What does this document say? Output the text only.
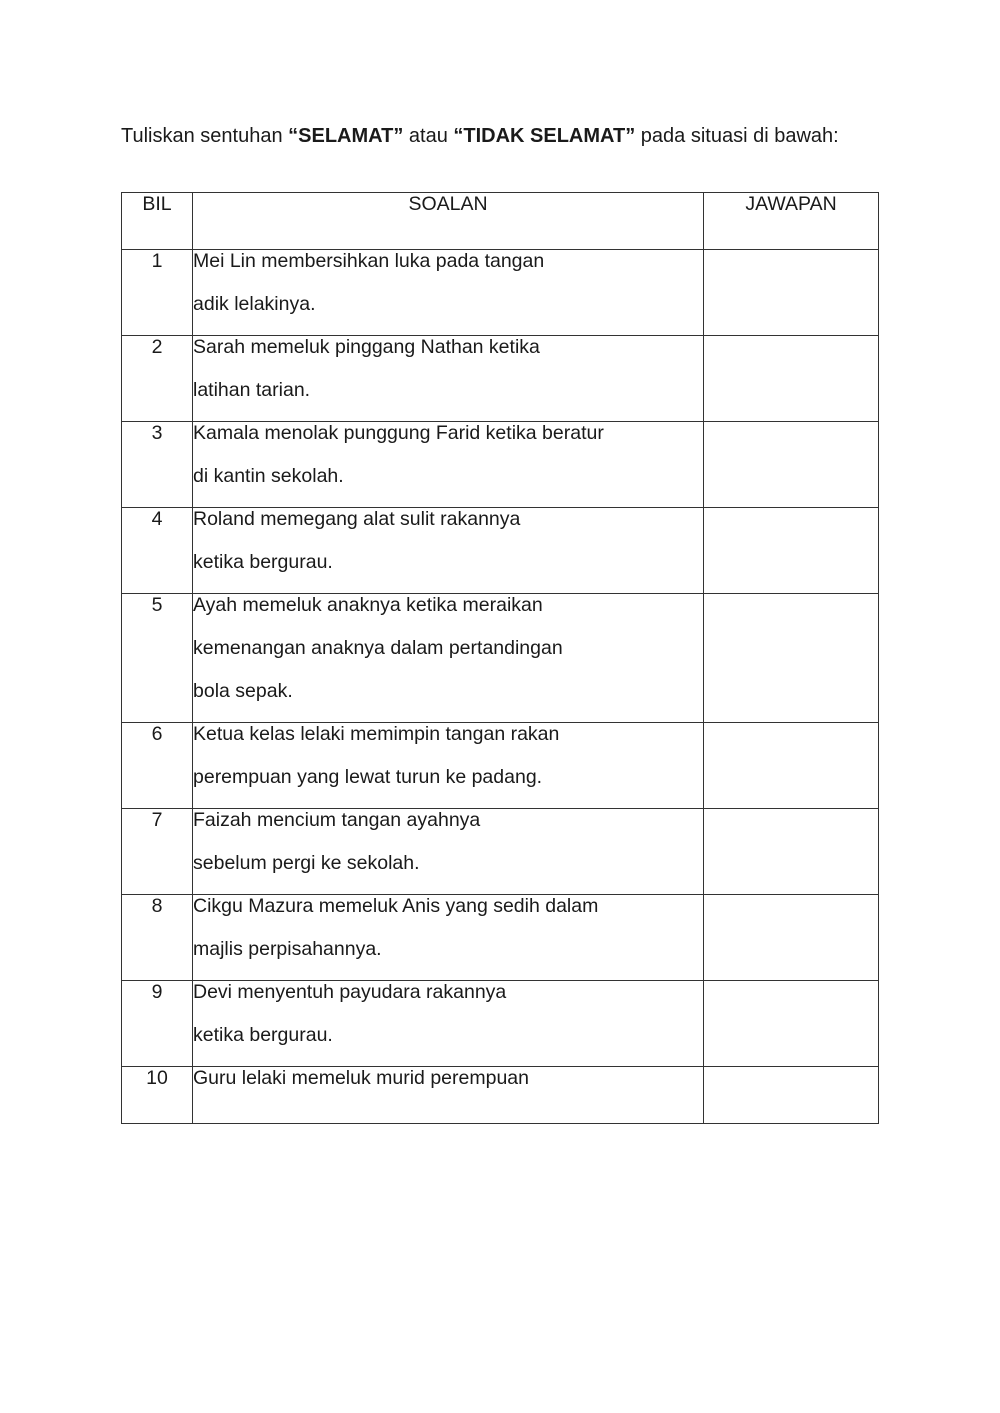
Tuliskan sentuhan “SELAMAT” atau “TIDAK SELAMAT” pada situasi di bawah:
BIL	SOALAN	JAWAPAN
1	Mei Lin membersihkan luka pada tangan
adik lelakinya.	

2	Sarah memeluk pinggang Nathan ketika
latihan tarian.	

3	Kamala menolak punggung Farid ketika beratur
di kantin sekolah.	

4	Roland memegang alat sulit rakannya
ketika bergurau.	

5	Ayah memeluk anaknya ketika meraikan
kemenangan anaknya dalam pertandingan
bola sepak.	

6	Ketua kelas lelaki memimpin tangan rakan
perempuan yang lewat turun ke padang.	

7	Faizah mencium tangan ayahnya
sebelum pergi ke sekolah.	

8	Cikgu Mazura memeluk Anis yang sedih dalam
majlis perpisahannya.	

9	Devi menyentuh payudara rakannya
ketika bergurau.	

10	Guru lelaki memeluk murid perempuan	
